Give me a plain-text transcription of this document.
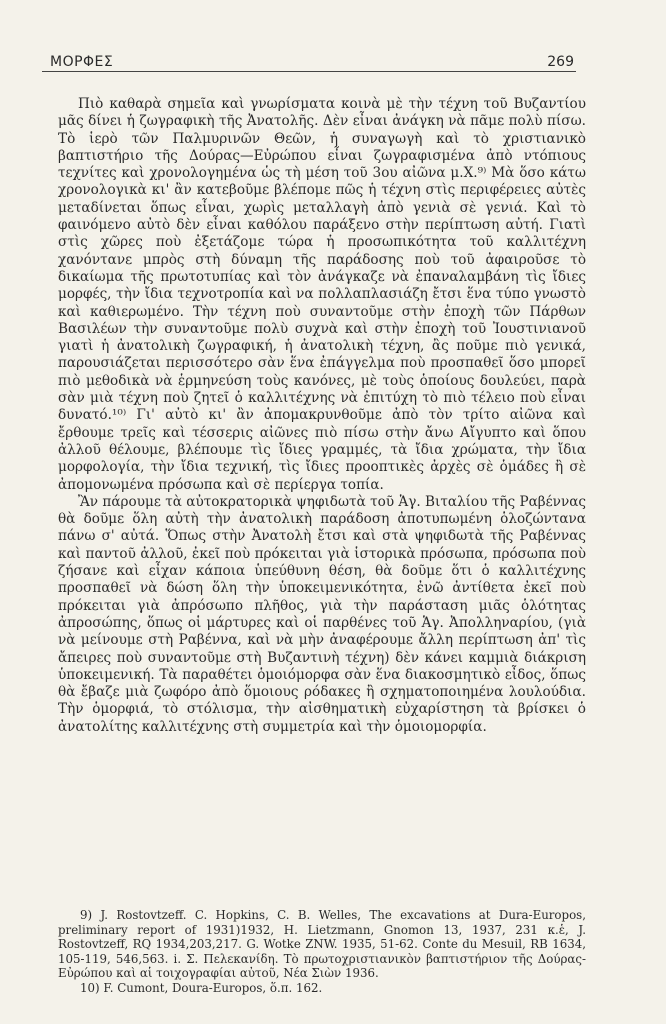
ΜΟΡΦΕΣ	269

Πιὸ καθαρὰ σημεῖα καὶ γνωρίσματα κοινὰ μὲ τὴν τέχνη τοῦ Βυζαντίου μᾶς δίνει ἡ ζωγραφικὴ τῆς Ἀνατολῆς. Δὲν εἶναι ἀνάγκη νὰ πᾶμε πολὺ πίσω. Τὸ ἱερὸ τῶν Παλμυρινῶν Θεῶν, ἡ συναγωγὴ καὶ τὸ χριστιανικὸ βαπτιστήριο τῆς Δούρας—Εὐρώπου εἶναι ζωγραφισμένα ἀπὸ ντόπιους τεχνίτες καὶ χρονολογημένα ὡς τὴ μέση τοῦ 3ου αἰῶνα μ.Χ.⁹⁾ Μὰ ὅσο κάτω χρονολογικὰ κι' ἂν κατεβοῦμε βλέπομε πῶς ἡ τέχνη στὶς περιφέρειες αὐτὲς μεταδίνεται ὅπως εἶναι, χωρὶς μεταλλαγὴ ἀπὸ γενιὰ σὲ γενιά. Καὶ τὸ φαινόμενο αὐτὸ δὲν εἶναι καθόλου παράξενο στὴν περίπτωση αὐτή. Γιατὶ στὶς χῶρες ποὺ ἐξετάζομε τώρα ἡ προσωπικότητα τοῦ καλλιτέχνη χανόντανε μπρὸς στὴ δύναμη τῆς παράδοσης ποὺ τοῦ ἀφαιροῦσε τὸ δικαίωμα τῆς πρωτοτυπίας καὶ τὸν ἀνάγκαζε νὰ ἐπαναλαμβάνη τὶς ἴδιες μορφές, τὴν ἴδια τεχνοτροπία καὶ να πολλαπλασιάζη ἔτσι ἕνα τύπο γνωστὸ καὶ καθιερωμένο. Τὴν τέχνη ποὺ συναντοῦμε στὴν ἐποχὴ τῶν Πάρθων Βασιλέων τὴν συναντοῦμε πολὺ συχνὰ καὶ στὴν ἐποχὴ τοῦ Ἰουστινιανοῦ γιατὶ ἡ ἀνατολικὴ ζωγραφική, ἡ ἀνατολικὴ τέχνη, ἂς ποῦμε πιὸ γενικά, παρουσιάζεται περισσότερο σὰν ἕνα ἐπάγγελμα ποὺ προσπαθεῖ ὅσο μπορεῖ πιὸ μεθοδικὰ νὰ ἑρμηνεύση τοὺς κανόνες, μὲ τοὺς ὁποίους δουλεύει, παρὰ σὰν μιὰ τέχνη ποὺ ζητεῖ ὁ καλλιτέχνης νὰ ἐπιτύχη τὸ πιὸ τέλειο ποὺ εἶναι δυνατό.¹⁰⁾ Γι' αὐτὸ κι' ἂν ἀπομακρυνθοῦμε ἀπὸ τὸν τρίτο αἰῶνα καὶ ἔρθουμε τρεῖς καὶ τέσσερις αἰῶνες πιὸ πίσω στὴν ἄνω Αἴγυπτο καὶ ὅπου ἀλλοῦ θέλουμε, βλέπουμε τὶς ἴδιες γραμμές, τὰ ἴδια χρώματα, τὴν ἴδια μορφολογία, τὴν ἴδια τεχνική, τὶς ἴδιες προοπτικὲς ἀρχὲς σὲ ὁμάδες ἢ σὲ ἀπομονωμένα πρόσωπα καὶ σὲ περίεργα τοπία.

Ἂν πάρουμε τὰ αὐτοκρατορικὰ ψηφιδωτὰ τοῦ Ἁγ. Βιταλίου τῆς Ραβέννας θὰ δοῦμε ὅλη αὐτὴ τὴν ἀνατολικὴ παράδοση ἀποτυπωμένη ὁλοζώντανα πάνω σ' αὐτά. Ὅπως στὴν Ἀνατολὴ ἔτσι καὶ στὰ ψηφιδωτὰ τῆς Ραβέννας καὶ παντοῦ ἀλλοῦ, ἐκεῖ ποὺ πρόκειται γιὰ ἱστορικὰ πρόσωπα, πρόσωπα ποὺ ζήσανε καὶ εἶχαν κάποια ὑπεύθυνη θέση, θὰ δοῦμε ὅτι ὁ καλλιτέχνης προσπαθεῖ νὰ δώση ὅλη τὴν ὑποκειμενικότητα, ἐνῶ ἀντίθετα ἐκεῖ ποὺ πρόκειται γιὰ ἀπρόσωπο πλῆθος, γιὰ τὴν παράσταση μιᾶς ὁλότητας ἀπροσώπης, ὅπως οἱ μάρτυρες καὶ οἱ παρθένες τοῦ Ἁγ. Ἀπολληναρίου, (γιὰ νὰ μείνουμε στὴ Ραβέννα, καὶ νὰ μὴν ἀναφέρουμε ἄλλη περίπτωση ἀπ' τὶς ἄπειρες ποὺ συναντοῦμε στὴ Βυζαντινὴ τέχνη) δὲν κάνει καμμιὰ διάκριση ὑποκειμενική. Τὰ παραθέτει ὁμοιόμορφα σὰν ἕνα διακοσμητικὸ εἶδος, ὅπως θὰ ἔβαζε μιὰ ζωφόρο ἀπὸ ὅμοιους ρόδακες ἢ σχηματοποιημένα λουλούδια. Τὴν ὁμορφιά, τὸ στόλισμα, τὴν αἰσθηματικὴ εὐχαρίστηση τὰ βρίσκει ὁ ἀνατολίτης καλλιτέχνης στὴ συμμετρία καὶ τὴν ὁμοιομορφία.

9) J. Rostovtzeff. C. Hopkins, C. B. Welles, The excavations at Dura-Europos, preliminary report of 1931)1932, H. Lietzmann, Gnomon 13, 1937, 231 κ.ἑ, J. Rostovtzeff, RQ 1934,203,217. G. Wotke ZNW. 1935, 51-62. Conte du Mesuil, RB 1634, 105-119, 546,563. i. Σ. Πελεκανίδη. Τὸ πρωτοχριστιανικὸν βαπτιστήριον τῆς Δούρας-Εὐρώπου καὶ αἱ τοιχογραφίαι αὐτοῦ, Νέα Σιὼν 1936.

10) F. Cumont, Doura-Europos, ὅ.π. 162.
